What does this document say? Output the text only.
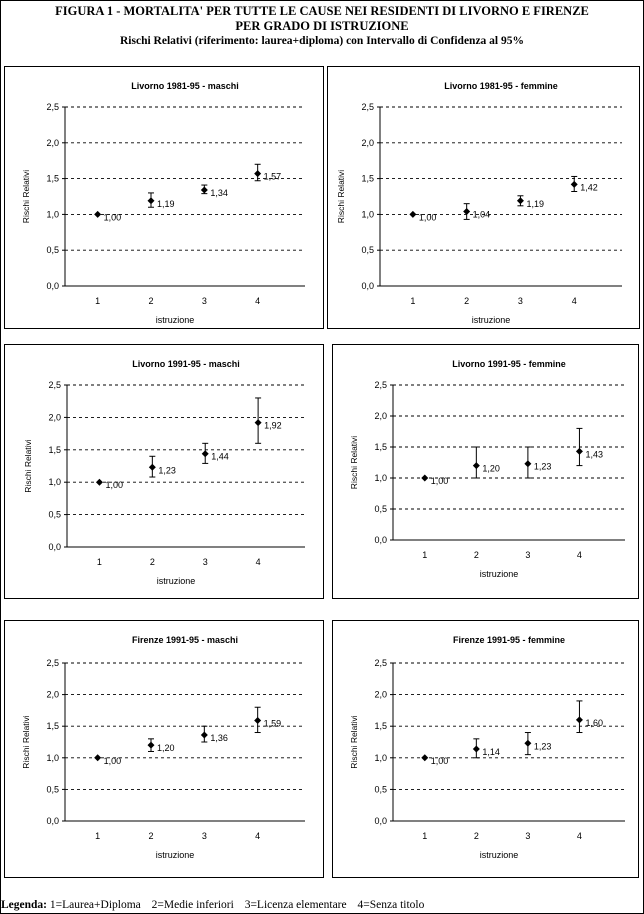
FIGURA 1 - MORTALITA' PER TUTTE LE CAUSE NEI RESIDENTI DI LIVORNO E FIRENZE
PER GRADO DI ISTRUZIONE
Rischi Relativi (riferimento: laurea+diploma) con Intervallo di Confidenza al 95%
Livorno 1981-95 - maschi
0,0
0,5
1,0
1,5
2,0
2,5
Rischi Relativi
1	2	3	4
istruzione
1,00
1,19
1,34
1,57
Livorno 1981-95 - femmine
0,0
0,5
1,0
1,5
2,0
2,5
Rischi Relativi
1	2	3	4
istruzione
1,00	1,04
1,19
1,42
Livorno 1991-95 - maschi
0,0
0,5
1,0
1,5
2,0
2,5
Rischi Relativi
1	2	3	4
istruzione
1,00
1,23
1,44
1,92
Livorno 1991-95 - femmine
0,0
0,5
1,0
1,5
2,0
2,5
Rischi Relativi
1	2	3	4
istruzione
1,00
1,20	1,23
1,43
Firenze 1991-95 - maschi
0,0
0,5
1,0
1,5
2,0
2,5
Rischi Relativi
1	2	3	4
istruzione
1,00
1,20
1,36
1,59
Firenze 1991-95 - femmine
0,0
0,5
1,0
1,5
2,0
2,5
Rischi Relativi
1	2	3	4
istruzione
1,00
1,14
1,23
1,60
Legenda: 1=Laurea+Diploma 2=Medie inferiori 3=Licenza elementare 4=Senza titolo
